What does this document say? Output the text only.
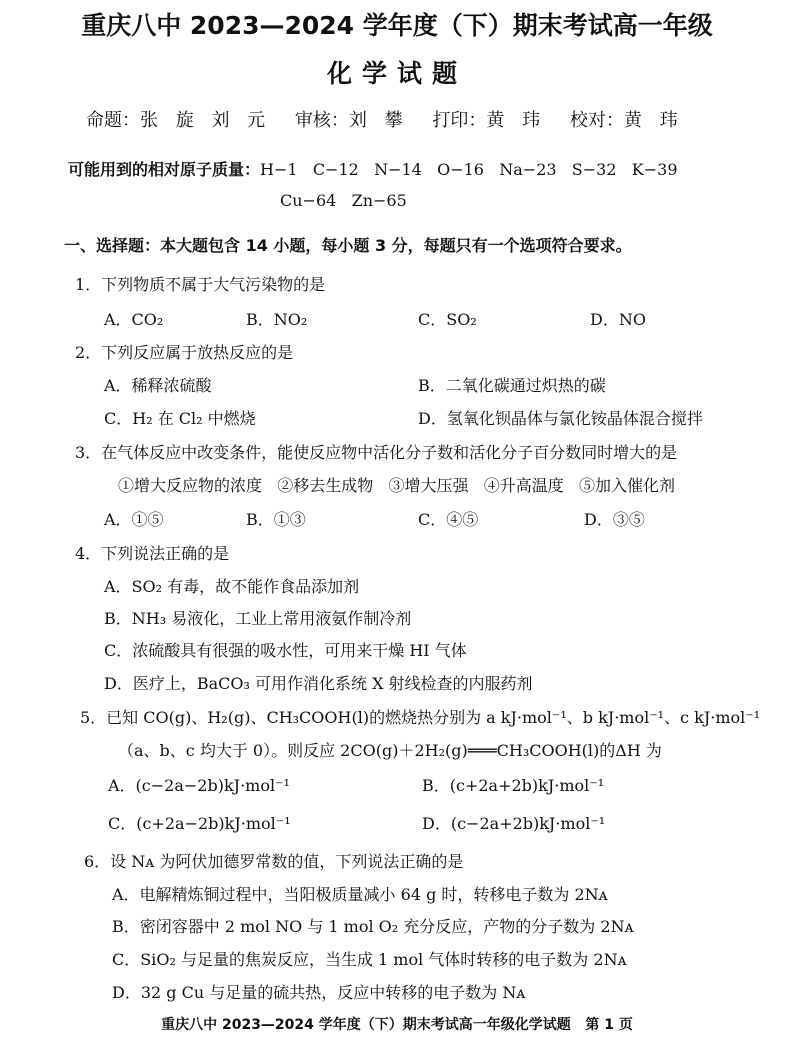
重庆八中 2023—2024 学年度（下）期末考试高一年级
化学试题
命题：张 旋 刘 元 审核：刘 攀 打印：黄 玮 校对：黄 玮
可能用到的相对原子质量：H−1   C−12   N−14   O−16   Na−23   S−32   K−39
Cu−64   Zn−65
一、选择题：本大题包含 14 小题，每小题 3 分，每题只有一个选项符合要求。
1．下列物质不属于大气污染物的是
A．CO₂	B．NO₂	C．SO₂	D．NO
2．下列反应属于放热反应的是
A．稀释浓硫酸	B．二氧化碳通过炽热的碳
C．H₂ 在 Cl₂ 中燃烧	D．氢氧化钡晶体与氯化铵晶体混合搅拌
3．在气体反应中改变条件，能使反应物中活化分子数和活化分子百分数同时增大的是
①增大反应物的浓度   ②移去生成物   ③增大压强   ④升高温度   ⑤加入催化剂
A．①⑤	B．①③	C．④⑤	D．③⑤
4．下列说法正确的是
A．SO₂ 有毒，故不能作食品添加剂
B．NH₃ 易液化，工业上常用液氨作制冷剂
C．浓硫酸具有很强的吸水性，可用来干燥 HI 气体
D．医疗上，BaCO₃ 可用作消化系统 X 射线检查的内服药剂
5．已知 CO(g)、H₂(g)、CH₃COOH(l)的燃烧热分别为 a kJ·mol⁻¹、b kJ·mol⁻¹、c kJ·mol⁻¹
（a、b、c 均大于 0）。则反应 2CO(g)＋2H₂(g)═══CH₃COOH(l)的ΔH 为
A．(c−2a−2b)kJ·mol⁻¹	B．(c+2a+2b)kJ·mol⁻¹
C．(c+2a−2b)kJ·mol⁻¹	D．(c−2a+2b)kJ·mol⁻¹
6．设 Nᴀ 为阿伏加德罗常数的值，下列说法正确的是
A．电解精炼铜过程中，当阳极质量减小 64 g 时，转移电子数为 2Nᴀ
B．密闭容器中 2 mol NO 与 1 mol O₂ 充分反应，产物的分子数为 2Nᴀ
C．SiO₂ 与足量的焦炭反应，当生成 1 mol 气体时转移的电子数为 2Nᴀ
D．32 g Cu 与足量的硫共热，反应中转移的电子数为 Nᴀ
重庆八中 2023—2024 学年度（下）期末考试高一年级化学试题   第 1 页
